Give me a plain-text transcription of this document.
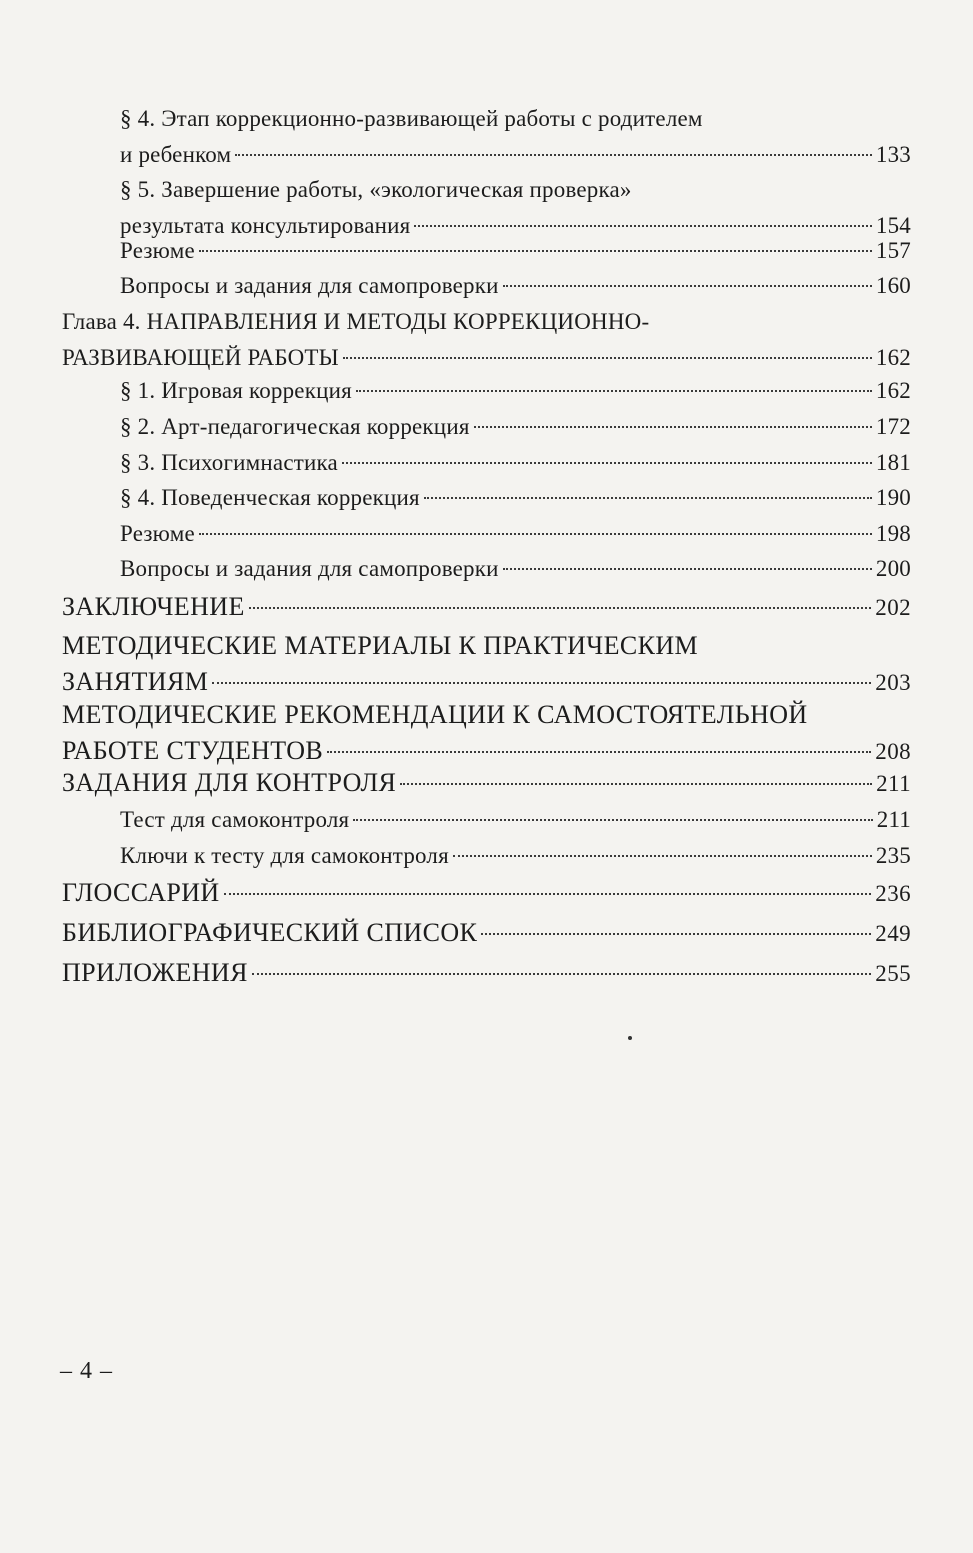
§ 4. Этап коррекционно-развивающей работы с родителем
и ребенком	133
§ 5. Завершение работы, «экологическая проверка»
результата консультирования	154
Резюме	157
Вопросы и задания для самопроверки	160
Глава 4. НАПРАВЛЕНИЯ И МЕТОДЫ КОРРЕКЦИОННО-
РАЗВИВАЮЩЕЙ РАБОТЫ	162
§ 1. Игровая коррекция	162
§ 2. Арт-педагогическая коррекция	172
§ 3. Психогимнастика	181
§ 4. Поведенческая коррекция	190
Резюме	198
Вопросы и задания для самопроверки	200
ЗАКЛЮЧЕНИЕ	202
МЕТОДИЧЕСКИЕ МАТЕРИАЛЫ К ПРАКТИЧЕСКИМ
ЗАНЯТИЯМ	203
МЕТОДИЧЕСКИЕ РЕКОМЕНДАЦИИ К САМОСТОЯТЕЛЬНОЙ
РАБОТЕ СТУДЕНТОВ	208
ЗАДАНИЯ ДЛЯ КОНТРОЛЯ	211
Тест для самоконтроля	211
Ключи к тесту для самоконтроля	235
ГЛОССАРИЙ	236
БИБЛИОГРАФИЧЕСКИЙ СПИСОК	249
ПРИЛОЖЕНИЯ	255
– 4 –
